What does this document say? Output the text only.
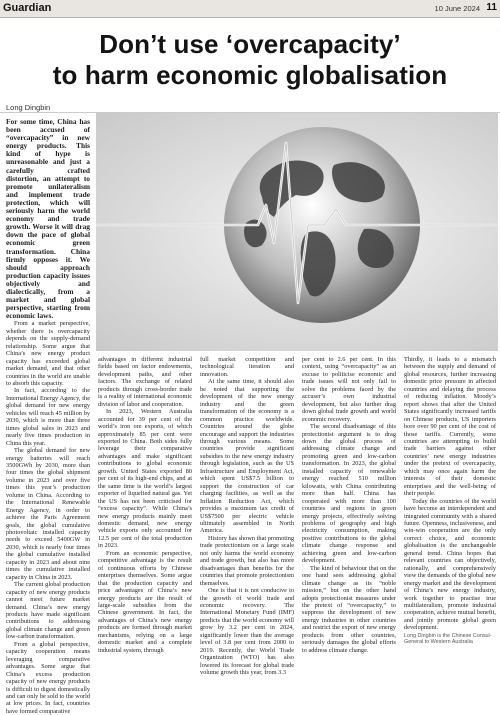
Guardian	10 June 2024 11
Don’t use ‘overcapacity’
to harm economic globalisation
Long Dingbin

For some time, China has been accused of “overcapacity” in new energy products. This kind of hype is unreasonable and just a carefully crafted distortion, an attempt to promote unilateralism and implement trade protection, which will seriously harm the world economy and trade growth. Worse it will drag down the pace of global economic green transformation. China firmly opposes it. We should approach production capacity issues objectively and dialectically, from a market and global perspective, starting from economic laws.

From a market perspective, whether there is overcapacity depends on the supply-demand relationship. Some argue that China’s new energy product capacity has exceeded global market demand, and that other countries in the world are unable to absorb this capacity.

In fact, according to the International Energy Agency, the global demand for new energy vehicles will reach 45 million by 2030, which is more than three times global sales in 2023 and nearly five times production in China this year.

The global demand for new energy batteries will reach 3500GWh by 2030, more than four times the global shipment volume in 2023 and over five times this year’s production volume in China. According to the International Renewable Energy Agency, in order to achieve the Paris Agreement goals, the global cumulative photovoltaic installed capacity needs to exceed 5400GW in 2030, which is nearly four times the global cumulative installed capacity in 2023 and about nine times the cumulative installed capacity in China in 2023.

The current global production capacity of new energy products cannot meet future market demand. China’s new energy products have made significant contributions to addressing global climate change and green low-carbon transformation.

From a global perspective, capacity cooperation means leveraging comparative advantages. Some argue that China’s excess production capacity of new energy products is difficult to digest domestically and can only be sold to the world at low prices. In fact, countries have formed comparative

advantages in different industrial fields based on factor endowments, development paths, and other factors. The exchange of related products through cross-border trade is a reality of international economic division of labor and cooperation.

In 2023, Western Australia accounted for 39 per cent of the world’s iron ore exports, of which approximately 85 per cent were exported to China. Both sides fully leverage their comparative advantages and make significant contributions to global economic growth. United States exported 80 per cent of its high-end chips, and at the same time is the world’s largest exporter of liquefied natural gas. Yet the US has not been criticised for “excess capacity”. While China’s new energy products mainly meet domestic demand, new energy vehicle exports only accounted for 12.5 per cent of the total production in 2023.

From an economic perspective, competitive advantage is the result of continuous efforts by Chinese enterprises themselves. Some argue that the production capacity and price advantages of China’s new energy products are the result of large-scale subsidies from the Chinese government. In fact, the advantages of China’s new energy products are formed through market mechanisms, relying on a large domestic market and a complete industrial system, through

full market competition and technological iteration and innovation.

At the same time, it should also be noted that supporting the development of the new energy industry and the green transformation of the economy is a common practice worldwide. Countries around the globe encourage and support the industries through various means. Some countries provide significant subsidies to the new energy industry through legislation, such as the US Infrastructure and Employment Act, which spent US$7.5 billion to support the construction of car charging facilities, as well as the Inflation Reduction Act, which provides a maximum tax credit of US$7500 per electric vehicle ultimately assembled in North America.

History has shown that promoting trade protectionism on a large scale not only harms the world economy and trade growth, but also has more disadvantages than benefits for the countries that promote protectionism themselves.

One is that it is not conducive to the growth of world trade and economic recovery. The International Monetary Fund (IMF) predicts that the world economy will grow by 3.2 per cent in 2024, significantly lower than the average level of 3.8 per cent from 2000 to 2019. Recently, the World Trade Organization (WTO) has also lowered its forecast for global trade volume growth this year, from 3.3

per cent to 2.6 per cent. In this context, using “overcapacity” as an excuse to politicise economic and trade issues will not only fail to solve the problems faced by the accuser’s own industrial development, but also further drag down global trade growth and world economic recovery.

The second disadvantage of this protectionist argument is to drag down the global process of addressing climate change and promoting green and low-carbon transformation. In 2023, the global installed capacity of renewable energy reached 510 million kilowatts, with China contributing more than half. China has cooperated with more than 100 countries and regions in green energy projects, effectively solving problems of geography and high electricity consumption, making positive contributions to the global climate change response and achieving green and low-carbon development.

The kind of behaviour that on the one hand sees addressing global climate change as its “noble mission,” but on the other hand adopts protectionist measures under the pretext of “overcapacity,” to suppress the development of new energy industries in other countries and restrict the export of new energy products from other countries, seriously damages the global efforts to address climate change.

Thirdly, it leads to a mismatch between the supply and demand of global resources, further increasing domestic price pressure in affected countries and delaying the process of reducing inflation. Moody’s report shows that after the United States significantly increased tariffs on Chinese products, US importers bore over 90 per cent of the cost of those tariffs. Currently, some countries are attempting to build trade barriers against other countries’ new energy industries under the pretext of overcapacity, which may once again harm the interests of their domestic enterprises and the well-being of their people.

Today the countries of the world have become an interdependent and integrated community with a shared future. Openness, inclusiveness, and win-win cooperation are the only correct choice, and economic globalisation is the unchangeable general trend. China hopes that relevant countries can objectively, rationally, and comprehensively view the demands of the global new energy market and the development of China’s new energy industry, work together to practise true multilateralism, promote industrial cooperation, achieve mutual benefit, and jointly promote global green development.

Long Dingbin is the Chinese Consul-General to Western Australia
